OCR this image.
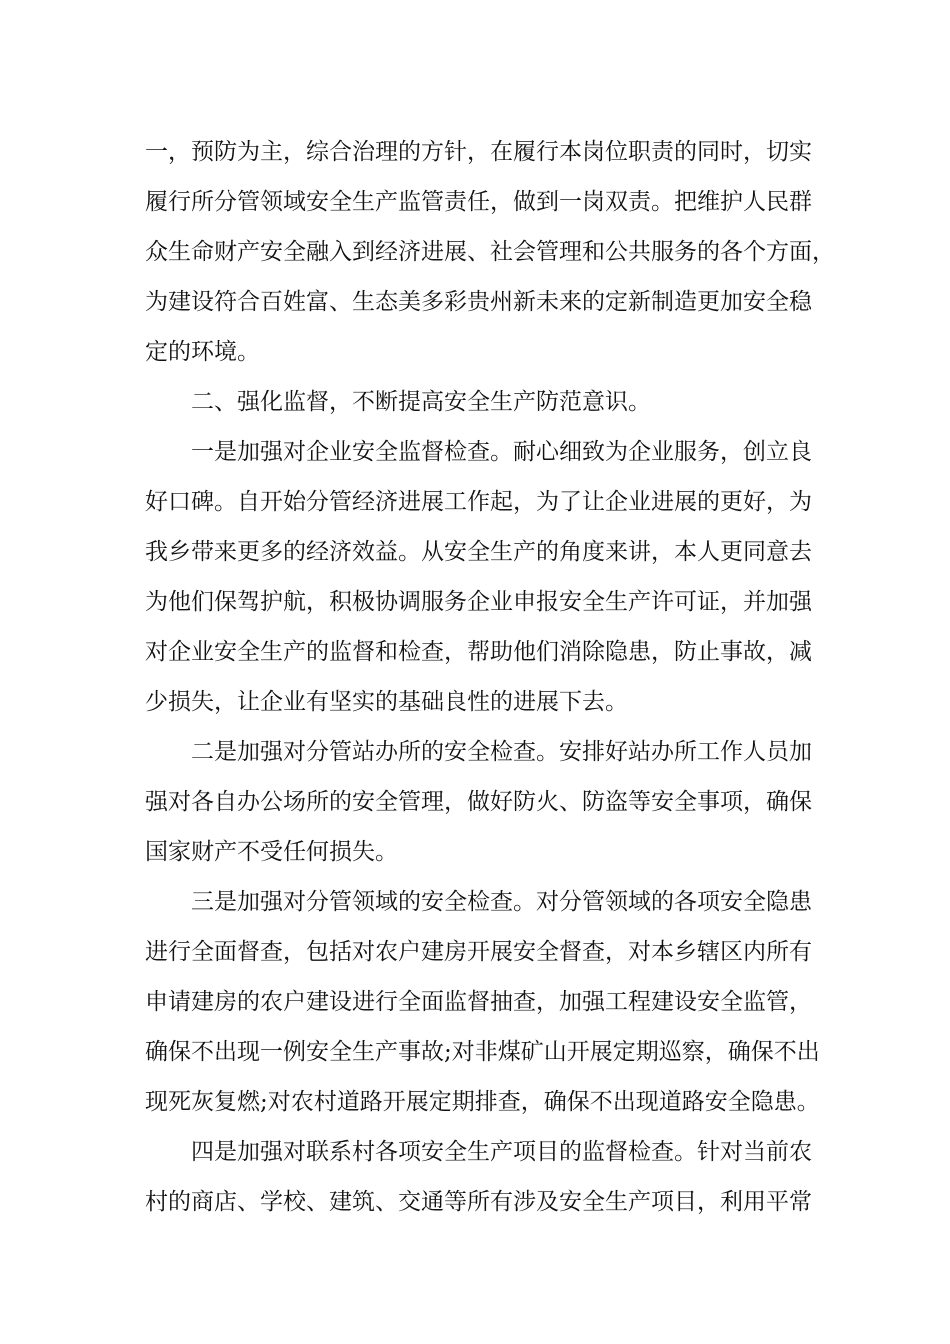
一，预防为主，综合治理的方针，在履行本岗位职责的同时，切实
履行所分管领域安全生产监管责任，做到一岗双责。把维护人民群
众生命财产安全融入到经济进展、社会管理和公共服务的各个方面，
为建设符合百姓富、生态美多彩贵州新未来的定新制造更加安全稳
定的环境。
二、强化监督，不断提高安全生产防范意识。
一是加强对企业安全监督检查。耐心细致为企业服务，创立良
好口碑。自开始分管经济进展工作起，为了让企业进展的更好，为
我乡带来更多的经济效益。从安全生产的角度来讲，本人更同意去
为他们保驾护航，积极协调服务企业申报安全生产许可证，并加强
对企业安全生产的监督和检查，帮助他们消除隐患，防止事故，减
少损失，让企业有坚实的基础良性的进展下去。
二是加强对分管站办所的安全检查。安排好站办所工作人员加
强对各自办公场所的安全管理，做好防火、防盗等安全事项，确保
国家财产不受任何损失。
三是加强对分管领域的安全检查。对分管领域的各项安全隐患
进行全面督查，包括对农户建房开展安全督查，对本乡辖区内所有
申请建房的农户建设进行全面监督抽查，加强工程建设安全监管，
确保不出现一例安全生产事故;对非煤矿山开展定期巡察，确保不出
现死灰复燃;对农村道路开展定期排查，确保不出现道路安全隐患。
四是加强对联系村各项安全生产项目的监督检查。针对当前农
村的商店、学校、建筑、交通等所有涉及安全生产项目，利用平常
